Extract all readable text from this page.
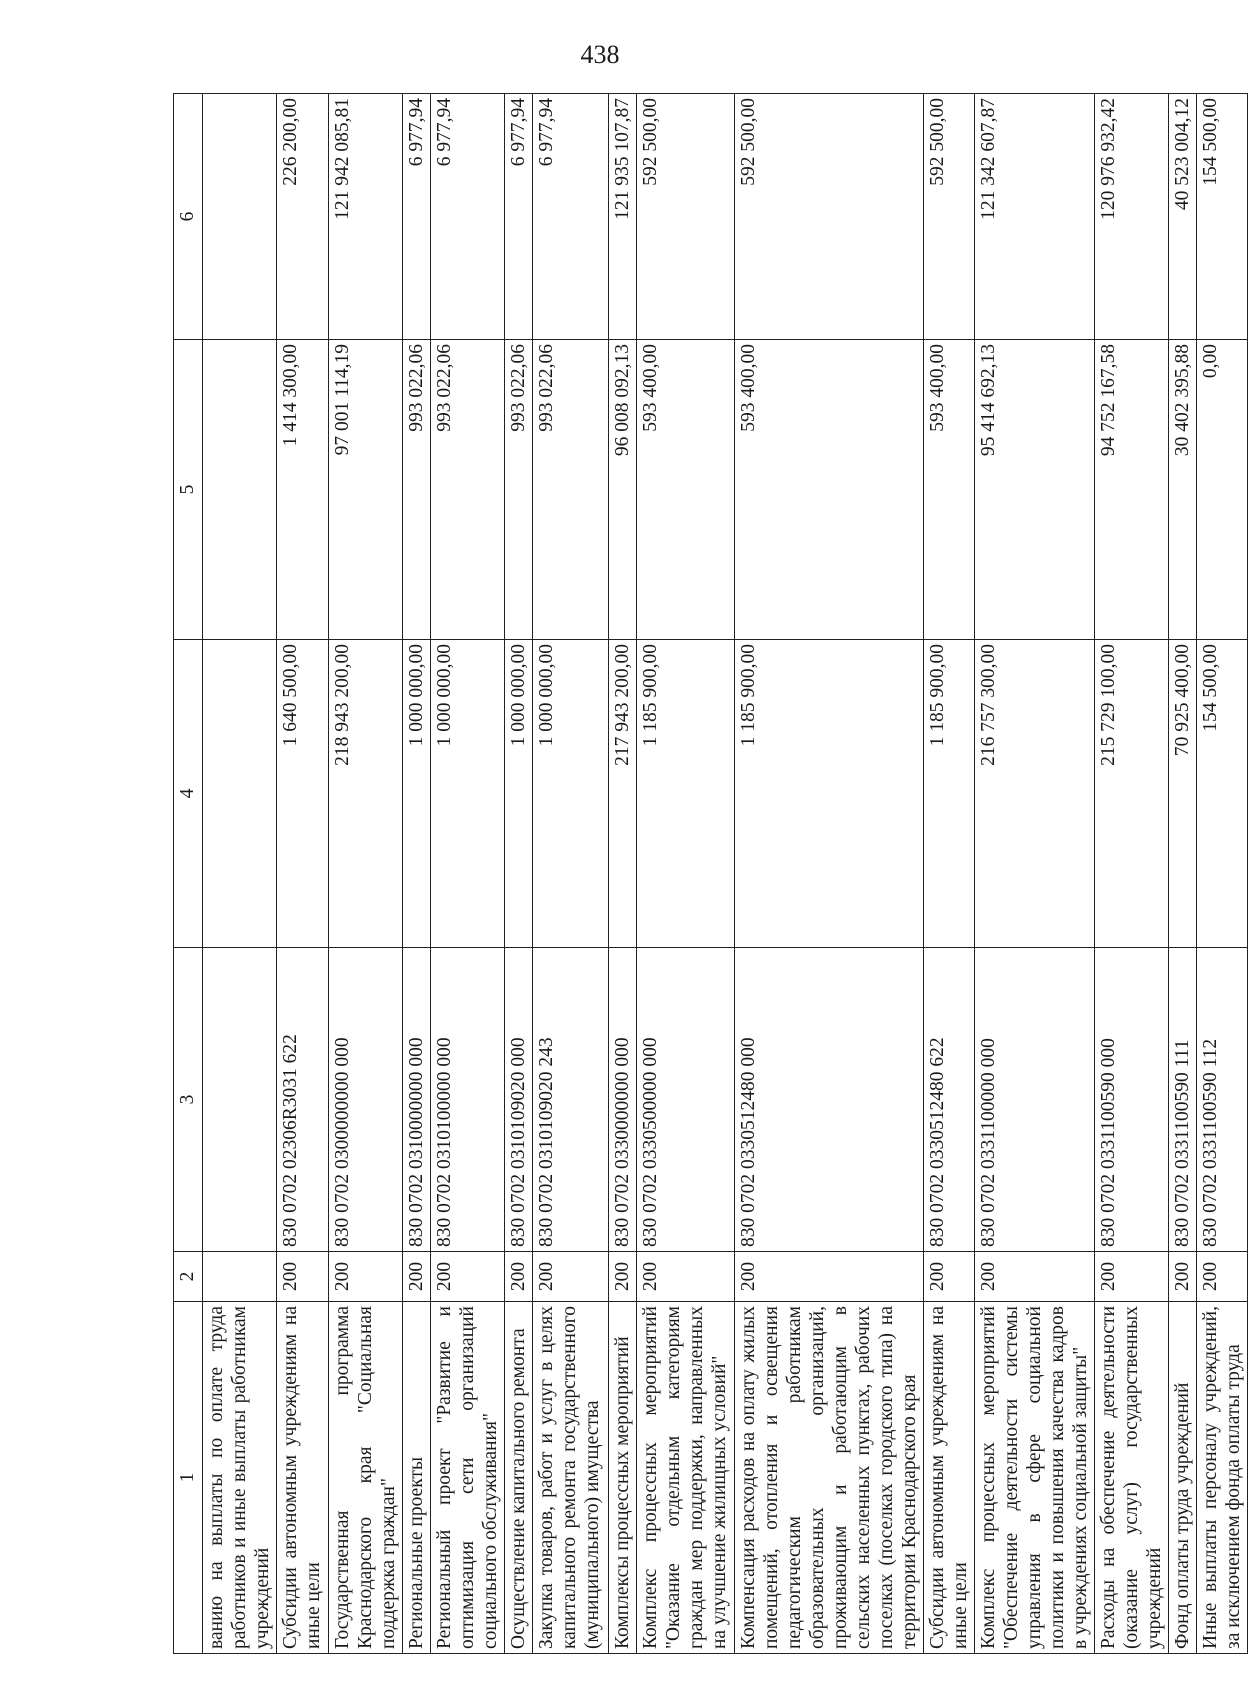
438
1	2	3	4	5	6
ванию на выплаты по оплате труда работников и иные выплаты работникам учреждений					
Субсидии автономным учреждениям на иные цели	200	830 0702 02306R3031 622	1 640 500,00	1 414 300,00	226 200,00
Государственная программа Краснодарского края "Социальная поддержка граждан"	200	830 0702 0300000000 000	218 943 200,00	97 001 114,19	121 942 085,81
Региональные проекты	200	830 0702 0310000000 000	1 000 000,00	993 022,06	6 977,94
Региональный проект "Развитие и оптимизация сети организаций социального обслуживания"	200	830 0702 0310100000 000	1 000 000,00	993 022,06	6 977,94
Осуществление капитального ремонта	200	830 0702 0310109020 000	1 000 000,00	993 022,06	6 977,94
Закупка товаров, работ и услуг в целях капитального ремонта государственного (муниципального) имущества	200	830 0702 0310109020 243	1 000 000,00	993 022,06	6 977,94
Комплексы процессных мероприятий	200	830 0702 0330000000 000	217 943 200,00	96 008 092,13	121 935 107,87
Комплекс процессных мероприятий "Оказание отдельным категориям граждан мер поддержки, направленных на улучшение жилищных условий"	200	830 0702 0330500000 000	1 185 900,00	593 400,00	592 500,00
Компенсация расходов на оплату жилых помещений, отопления и освещения педагогическим работникам образовательных организаций, проживающим и работающим в сельских населенных пунктах, рабочих поселках (поселках городского типа) на территории Краснодарского края	200	830 0702 0330512480 000	1 185 900,00	593 400,00	592 500,00
Субсидии автономным учреждениям на иные цели	200	830 0702 0330512480 622	1 185 900,00	593 400,00	592 500,00
Комплекс процессных мероприятий "Обеспечение деятельности системы управления в сфере социальной политики и повышения качества кадров в учреждениях социальной защиты"	200	830 0702 0331100000 000	216 757 300,00	95 414 692,13	121 342 607,87
Расходы на обеспечение деятельности (оказание услуг) государственных учреждений	200	830 0702 0331100590 000	215 729 100,00	94 752 167,58	120 976 932,42
Фонд оплаты труда учреждений	200	830 0702 0331100590 111	70 925 400,00	30 402 395,88	40 523 004,12
Иные выплаты персоналу учреждений, за исключением фонда оплаты труда	200	830 0702 0331100590 112	154 500,00	0,00	154 500,00
